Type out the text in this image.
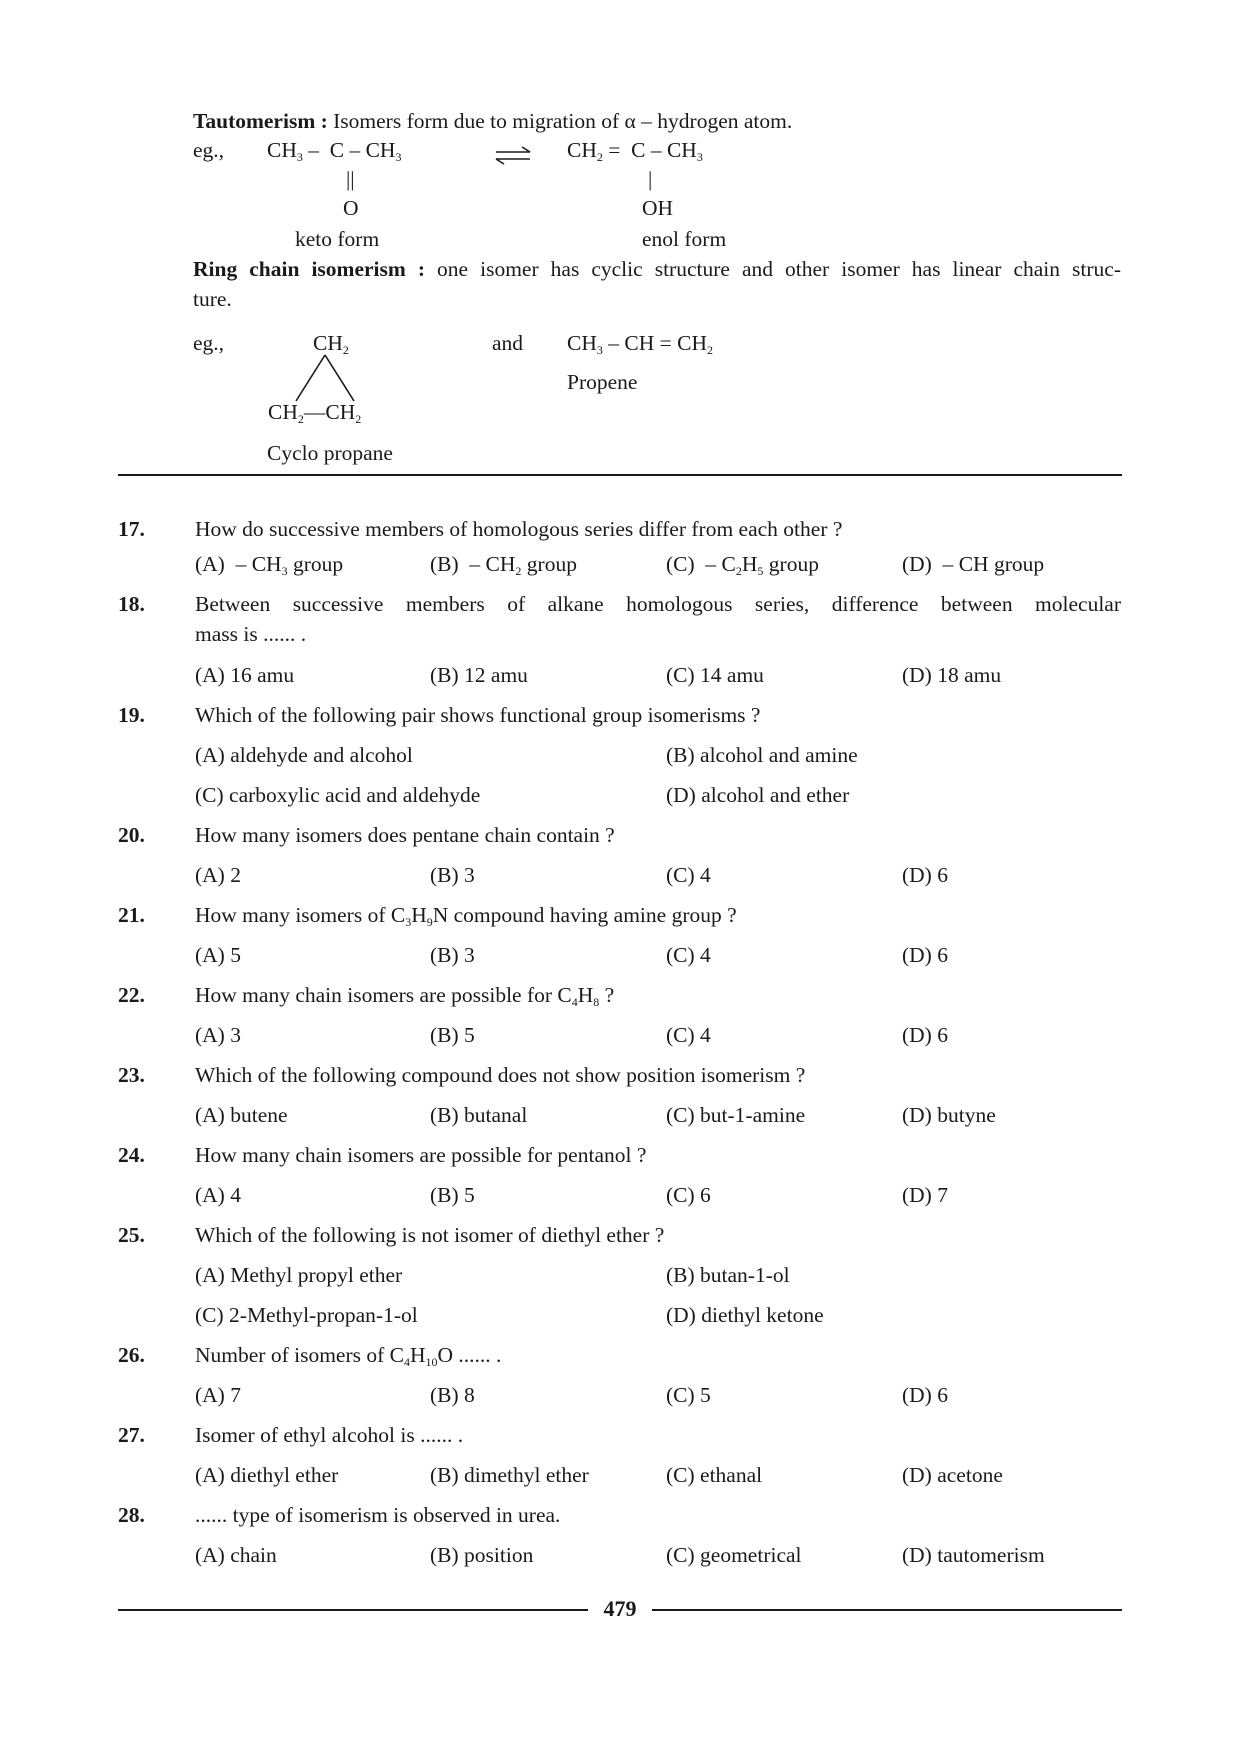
Tautomerism : Isomers form due to migration of α – hydrogen atom.
eg., $CH_3$ –  C – $CH_3$
||
O
keto form
$CH_2 = C - CH_3$
|
OH
enol form
Ring chain isomerism : one isomer has cyclic structure and other isomer has linear chain struc-
ture.
eg.,	$CH_2$
$CH_2—CH_2$
Cyclo propane
and $CH_3$ – CH = $CH_2$
Propene
17. How do successive members of homologous series differ from each other ?
$(A) - CH_3$ group	$(B) - CH_2$ group	$(C) - C_2H_5$ group	(D)  – CH group
18. Between successive members of alkane homologous series, difference between molecular
mass is ...... .
(A) 16 amu	(B) 12 amu	(C) 14 amu	(D) 18 amu
19. Which of the following pair shows functional group isomerisms ?
(A) aldehyde and alcohol	(B) alcohol and amine
(C) carboxylic acid and aldehyde	(D) alcohol and ether
20. How many isomers does pentane chain contain ?
(A) 2	(B) 3	(C) 4	(D) 6
21. How many isomers of $C_3H_9N$ compound having amine group ?
(A) 5	(B) 3	(C) 4	(D) 6
22. How many chain isomers are possible for $C_4H_8$ ?
(A) 3	(B) 5	(C) 4	(D) 6
23. Which of the following compound does not show position isomerism ?
(A) butene	(B) butanal	(C) but-1-amine	(D) butyne
24. How many chain isomers are possible for pentanol ?
(A) 4	(B) 5	(C) 6	(D) 7
25. Which of the following is not isomer of diethyl ether ?
(A) Methyl propyl ether	(B) butan-1-ol
(C) 2-Methyl-propan-1-ol	(D) diethyl ketone
26. Number of isomers of $C_4H_{10}O$ ...... .
(A) 7	(B) 8	(C) 5	(D) 6
27. Isomer of ethyl alcohol is ...... .
(A) diethyl ether	(B) dimethyl ether	(C) ethanal	(D) acetone
28. ...... type of isomerism is observed in urea.
(A) chain	(B) position	(C) geometrical	(D) tautomerism
479
